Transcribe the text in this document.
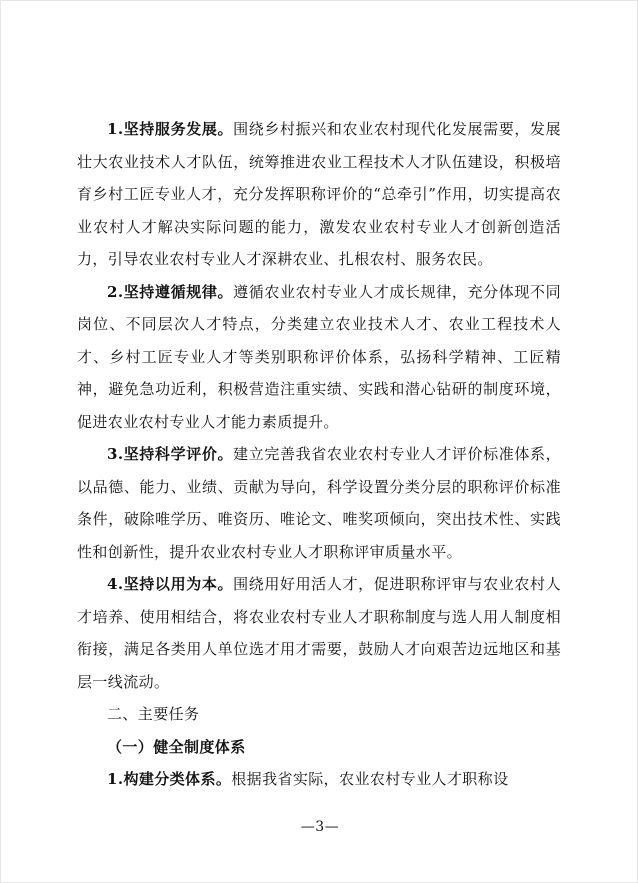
1.坚持服务发展。围绕乡村振兴和农业农村现代化发展需要，发展壮大农业技术人才队伍，统筹推进农业工程技术人才队伍建设，积极培育乡村工匠专业人才，充分发挥职称评价的“总牵引”作用，切实提高农业农村人才解决实际问题的能力，激发农业农村专业人才创新创造活力，引导农业农村专业人才深耕农业、扎根农村、服务农民。

2.坚持遵循规律。遵循农业农村专业人才成长规律，充分体现不同岗位、不同层次人才特点，分类建立农业技术人才、农业工程技术人才、乡村工匠专业人才等类别职称评价体系，弘扬科学精神、工匠精神，避免急功近利，积极营造注重实绩、实践和潜心钻研的制度环境，促进农业农村专业人才能力素质提升。

3.坚持科学评价。建立完善我省农业农村专业人才评价标准体系，以品德、能力、业绩、贡献为导向，科学设置分类分层的职称评价标准条件，破除唯学历、唯资历、唯论文、唯奖项倾向，突出技术性、实践性和创新性，提升农业农村专业人才职称评审质量水平。

4.坚持以用为本。围绕用好用活人才，促进职称评审与农业农村人才培养、使用相结合，将农业农村专业人才职称制度与选人用人制度相衔接，满足各类用人单位选才用才需要，鼓励人才向艰苦边远地区和基层一线流动。

二、主要任务

（一）健全制度体系

1.构建分类体系。根据我省实际，农业农村专业人才职称设

—3—
